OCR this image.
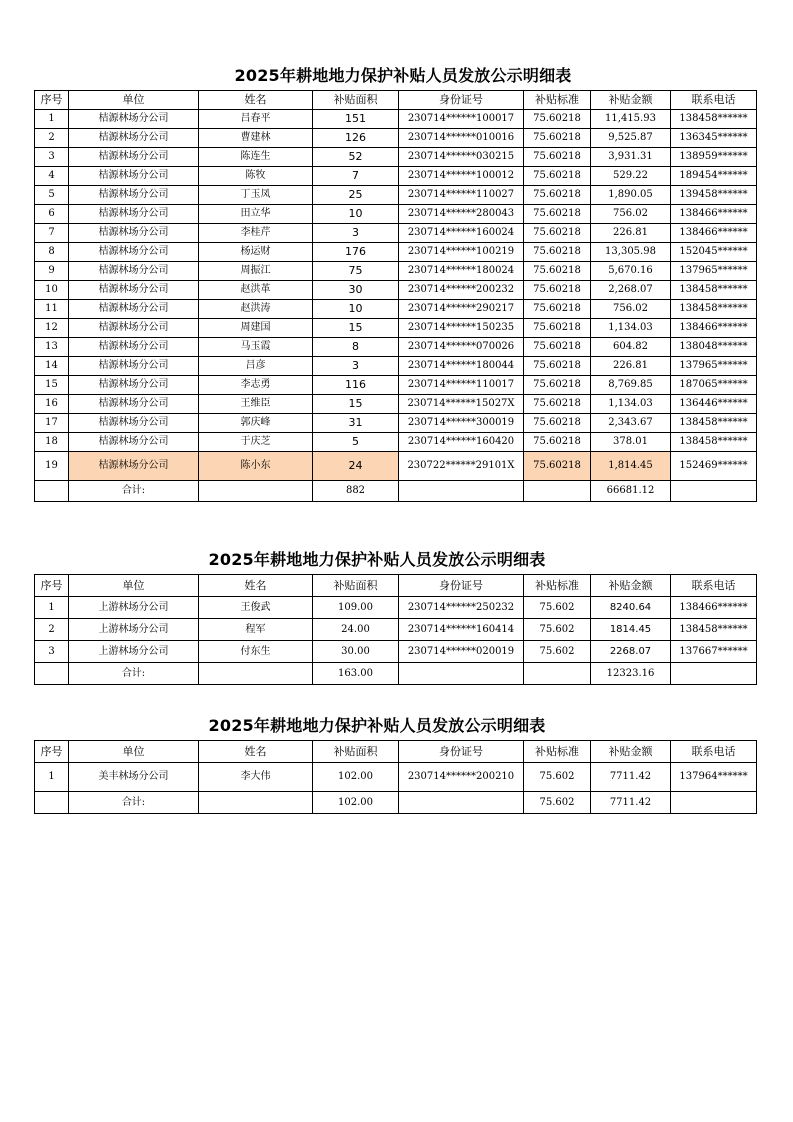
2025年耕地地力保护补贴人员发放公示明细表
序号	单位	姓名	补贴面积	身份证号	补贴标准	补贴金额	联系电话
1	桔源林场分公司	吕春平	151	230714******100017	75.60218	11,415.93	138458******
2	桔源林场分公司	曹建林	126	230714******010016	75.60218	9,525.87	136345******
3	桔源林场分公司	陈连生	52	230714******030215	75.60218	3,931.31	138959******
4	桔源林场分公司	陈牧	7	230714******100012	75.60218	529.22	189454******
5	桔源林场分公司	丁玉凤	25	230714******110027	75.60218	1,890.05	139458******
6	桔源林场分公司	田立华	10	230714******280043	75.60218	756.02	138466******
7	桔源林场分公司	李桂芹	3	230714******160024	75.60218	226.81	138466******
8	桔源林场分公司	杨运财	176	230714******100219	75.60218	13,305.98	152045******
9	桔源林场分公司	周振江	75	230714******180024	75.60218	5,670.16	137965******
10	桔源林场分公司	赵洪革	30	230714******200232	75.60218	2,268.07	138458******
11	桔源林场分公司	赵洪涛	10	230714******290217	75.60218	756.02	138458******
12	桔源林场分公司	周建国	15	230714******150235	75.60218	1,134.03	138466******
13	桔源林场分公司	马玉霞	8	230714******070026	75.60218	604.82	138048******
14	桔源林场分公司	吕彦	3	230714******180044	75.60218	226.81	137965******
15	桔源林场分公司	李志勇	116	230714******110017	75.60218	8,769.85	187065******
16	桔源林场分公司	王维臣	15	230714******15027X	75.60218	1,134.03	136446******
17	桔源林场分公司	郭庆峰	31	230714******300019	75.60218	2,343.67	138458******
18	桔源林场分公司	于庆芝	5	230714******160420	75.60218	378.01	138458******
19	桔源林场分公司	陈小东	24	230722******29101X	75.60218	1,814.45	152469******
	合计:		882			66681.12	
2025年耕地地力保护补贴人员发放公示明细表
序号	单位	姓名	补贴面积	身份证号	补贴标准	补贴金额	联系电话
1	上游林场分公司	王俊武	109.00	230714******250232	75.602	8240.64	138466******
2	上游林场分公司	程军	24.00	230714******160414	75.602	1814.45	138458******
3	上游林场分公司	付东生	30.00	230714******020019	75.602	2268.07	137667******
	合计:		163.00			12323.16	
2025年耕地地力保护补贴人员发放公示明细表
序号	单位	姓名	补贴面积	身份证号	补贴标准	补贴金额	联系电话
1	美丰林场分公司	李大伟	102.00	230714******200210	75.602	7711.42	137964******
	合计:		102.00		75.602	7711.42	
